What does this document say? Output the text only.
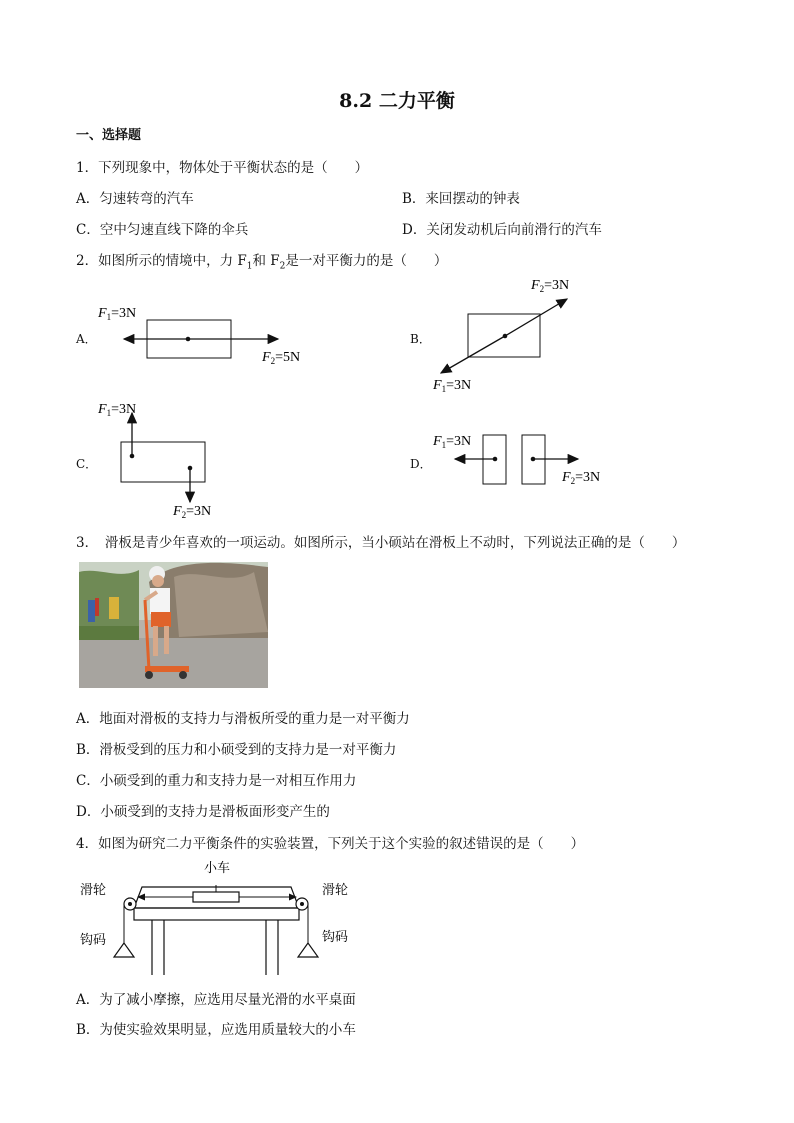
8.2 二力平衡
一、选择题
1．下列现象中，物体处于平衡状态的是（　　）
A．匀速转弯的汽车	B．来回摆动的钟表
C．空中匀速直线下降的伞兵	D．关闭发动机后向前滑行的汽车
2．如图所示的情境中，力 $F_1$和 $F_2$是一对平衡力的是（　　）
A．	B．
C．	D．
$F_1=3N$
$F_2=5N$
$F_2=3N$
$F_1=3N$
$F_1=3N$
$F_2=3N$
$F_1=3N$
$F_2=3N$
3．　滑板是青少年喜欢的一项运动。如图所示，当小硕站在滑板上不动时，下列说法正确的是（　　）
A．地面对滑板的支持力与滑板所受的重力是一对平衡力
B．滑板受到的压力和小硕受到的支持力是一对平衡力
C．小硕受到的重力和支持力是一对相互作用力
D．小硕受到的支持力是滑板面形变产生的
4．如图为研究二力平衡条件的实验装置，下列关于这个实验的叙述错误的是（　　）
小车
滑轮	滑轮
钩码	钩码
A．为了减小摩擦，应选用尽量光滑的水平桌面
B．为使实验效果明显，应选用质量较大的小车
